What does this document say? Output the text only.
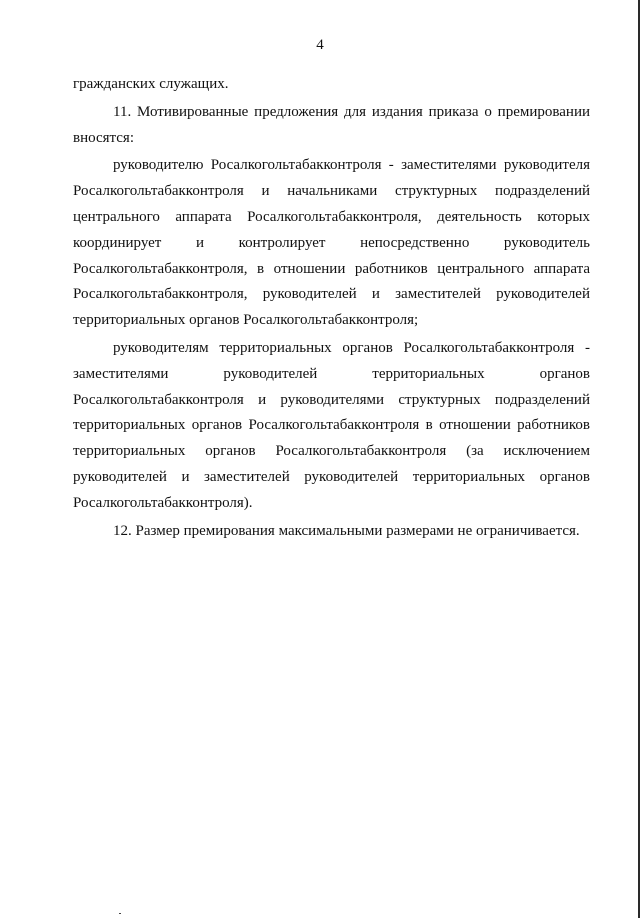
4

гражданских служащих.

11. Мотивированные предложения для издания приказа о премировании вносятся:

руководителю Росалкогольтабакконтроля - заместителями руководителя Росалкогольтабакконтроля и начальниками структурных подразделений центрального аппарата Росалкогольтабакконтроля, деятельность которых координирует и контролирует непосредственно руководитель Росалкогольтабакконтроля, в отношении работников центрального аппарата Росалкогольтабакконтроля, руководителей и заместителей руководителей территориальных органов Росалкогольтабакконтроля;

руководителям территориальных органов Росалкогольтабакконтроля - заместителями руководителей территориальных органов Росалкогольтабакконтроля и руководителями структурных подразделений территориальных органов Росалкогольтабакконтроля в отношении работников территориальных органов Росалкогольтабакконтроля (за исключением руководителей и заместителей руководителей территориальных органов Росалкогольтабакконтроля).

12. Размер премирования максимальными размерами не ограничивается.
